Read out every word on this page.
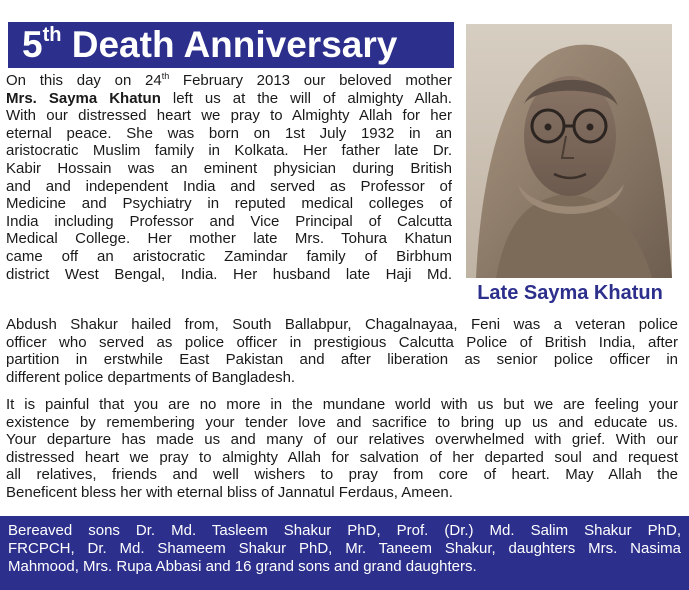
5th Death Anniversary
Late Sayma Khatun
On this day on 24th February 2013 our beloved mother
Mrs. Sayma Khatun left us at the will of almighty Allah.
With our distressed heart we pray to Almighty Allah for her
eternal peace. She was born on 1st July 1932 in an
aristocratic Muslim family in Kolkata. Her father late Dr.
Kabir Hossain was an eminent physician during British
and and independent India and served as Professor of
Medicine and Psychiatry in reputed medical colleges of
India including Professor and Vice Principal of Calcutta
Medical College. Her mother late Mrs. Tohura Khatun
came off an aristocratic Zamindar family of Birbhum
district West Bengal, India. Her husband late Haji Md.
Abdush Shakur hailed from, South Ballabpur, Chagalnayaa, Feni was a veteran police
officer who served as police officer in prestigious Calcutta Police of British India, after
partition in erstwhile East Pakistan and after liberation as senior police officer in
different police departments of Bangladesh.
It is painful that you are no more in the mundane world with us but we are feeling your
existence by remembering your tender love and sacrifice to bring up us and educate us.
Your departure has made us and many of our relatives overwhelmed with grief. With our
distressed heart we pray to almighty Allah for salvation of her departed soul and request
all relatives, friends and well wishers to pray from core of heart. May Allah the
Beneficent bless her with eternal bliss of Jannatul Ferdaus, Ameen.
Bereaved sons Dr. Md. Tasleem Shakur PhD, Prof. (Dr.) Md. Salim Shakur PhD,
FRCPCH, Dr. Md. Shameem Shakur PhD, Mr. Taneem Shakur, daughters Mrs. Nasima
Mahmood, Mrs. Rupa Abbasi and 16 grand sons and grand daughters.
